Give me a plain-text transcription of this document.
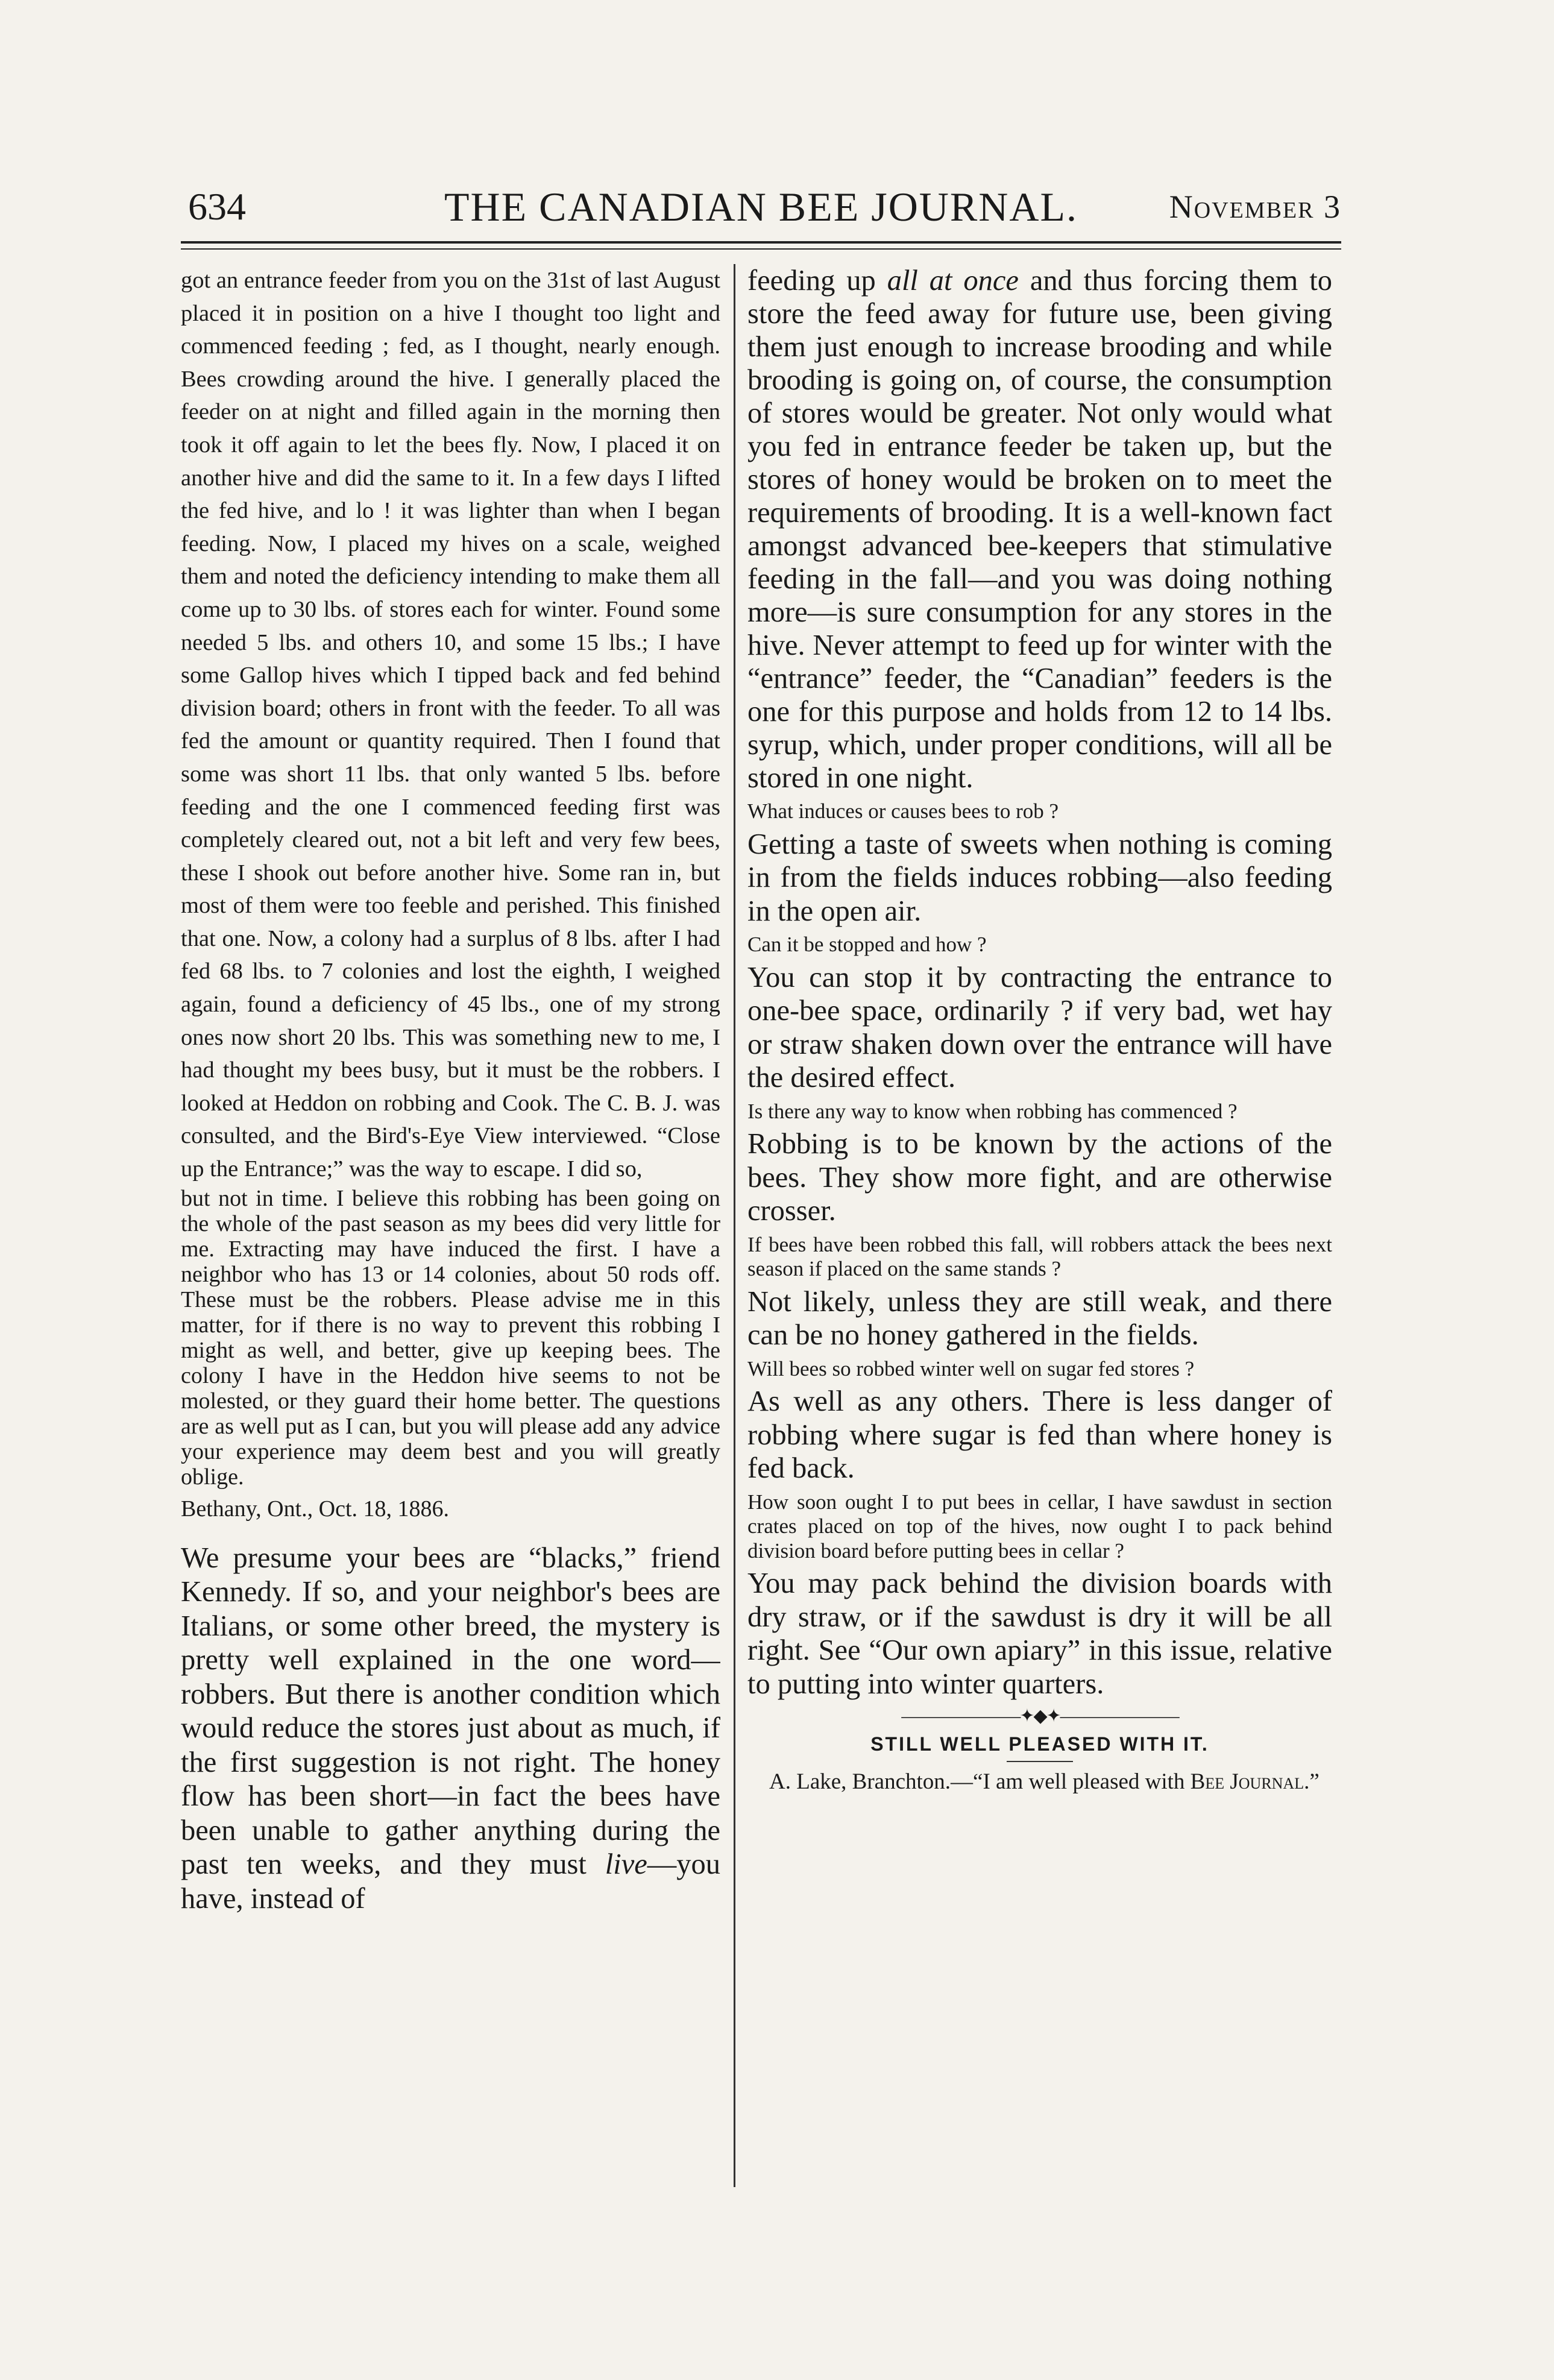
634	THE CANADIAN BEE JOURNAL.	November 3

got an entrance feeder from you on the 31st of last August placed it in position on a hive I thought too light and commenced feeding ; fed, as I thought, nearly enough. Bees crowding around the hive. I generally placed the feeder on at night and filled again in the morning then took it off again to let the bees fly. Now, I placed it on another hive and did the same to it. In a few days I lifted the fed hive, and lo ! it was lighter than when I began feeding. Now, I placed my hives on a scale, weighed them and noted the deficiency intending to make them all come up to 30 lbs. of stores each for winter. Found some needed 5 lbs. and others 10, and some 15 lbs.; I have some Gallop hives which I tipped back and fed behind division board; others in front with the feeder. To all was fed the amount or quantity required. Then I found that some was short 11 lbs. that only wanted 5 lbs. before feeding and the one I commenced feeding first was completely cleared out, not a bit left and very few bees, these I shook out before another hive. Some ran in, but most of them were too feeble and perished. This finished that one. Now, a colony had a surplus of 8 lbs. after I had fed 68 lbs. to 7 colonies and lost the eighth, I weighed again, found a deficiency of 45 lbs., one of my strong ones now short 20 lbs. This was something new to me, I had thought my bees busy, but it must be the robbers. I looked at Heddon on robbing and Cook. The C. B. J. was consulted, and the Bird's-Eye View interviewed. “Close up the Entrance;” was the way to escape. I did so,

but not in time. I believe this robbing has been going on the whole of the past season as my bees did very little for me. Extracting may have induced the first. I have a neighbor who has 13 or 14 colonies, about 50 rods off. These must be the robbers. Please advise me in this matter, for if there is no way to prevent this robbing I might as well, and better, give up keeping bees. The colony I have in the Heddon hive seems to not be molested, or they guard their home better. The questions are as well put as I can, but you will please add any advice your experience may deem best and you will greatly oblige.

Bethany, Ont., Oct. 18, 1886.

We presume your bees are “blacks,” friend Kennedy. If so, and your neighbor's bees are Italians, or some other breed, the mystery is pretty well explained in the one word—robbers. But there is another condition which would reduce the stores just about as much, if the first suggestion is not right. The honey flow has been short—in fact the bees have been unable to gather anything during the past ten weeks, and they must live—you have, instead of

feeding up all at once and thus forcing them to store the feed away for future use, been giving them just enough to increase brooding and while brooding is going on, of course, the consumption of stores would be greater. Not only would what you fed in entrance feeder be taken up, but the stores of honey would be broken on to meet the requirements of brooding. It is a well-known fact amongst advanced bee-keepers that stimulative feeding in the fall—and you was doing nothing more—is sure consumption for any stores in the hive. Never attempt to feed up for winter with the “entrance” feeder, the “Canadian” feeders is the one for this purpose and holds from 12 to 14 lbs. syrup, which, under proper conditions, will all be stored in one night.

What induces or causes bees to rob ?

Getting a taste of sweets when nothing is coming in from the fields induces robbing—also feeding in the open air.

Can it be stopped and how ?

You can stop it by contracting the entrance to one-bee space, ordinarily ? if very bad, wet hay or straw shaken down over the entrance will have the desired effect.

Is there any way to know when robbing has commenced ?

Robbing is to be known by the actions of the bees. They show more fight, and are otherwise crosser.

If bees have been robbed this fall, will robbers attack the bees next season if placed on the same stands ?

Not likely, unless they are still weak, and there can be no honey gathered in the fields.

Will bees so robbed winter well on sugar fed stores ?

As well as any others. There is less danger of robbing where sugar is fed than where honey is fed back.

How soon ought I to put bees in cellar, I have sawdust in section crates placed on top of the hives, now ought I to pack behind division board before putting bees in cellar ?

You may pack behind the division boards with dry straw, or if the sawdust is dry it will be all right. See “Our own apiary” in this issue, relative to putting into winter quarters.

———————✦◆✦———————

STILL WELL PLEASED WITH IT.

A. Lake, Branchton.—“I am well pleased with Bee Journal.”
